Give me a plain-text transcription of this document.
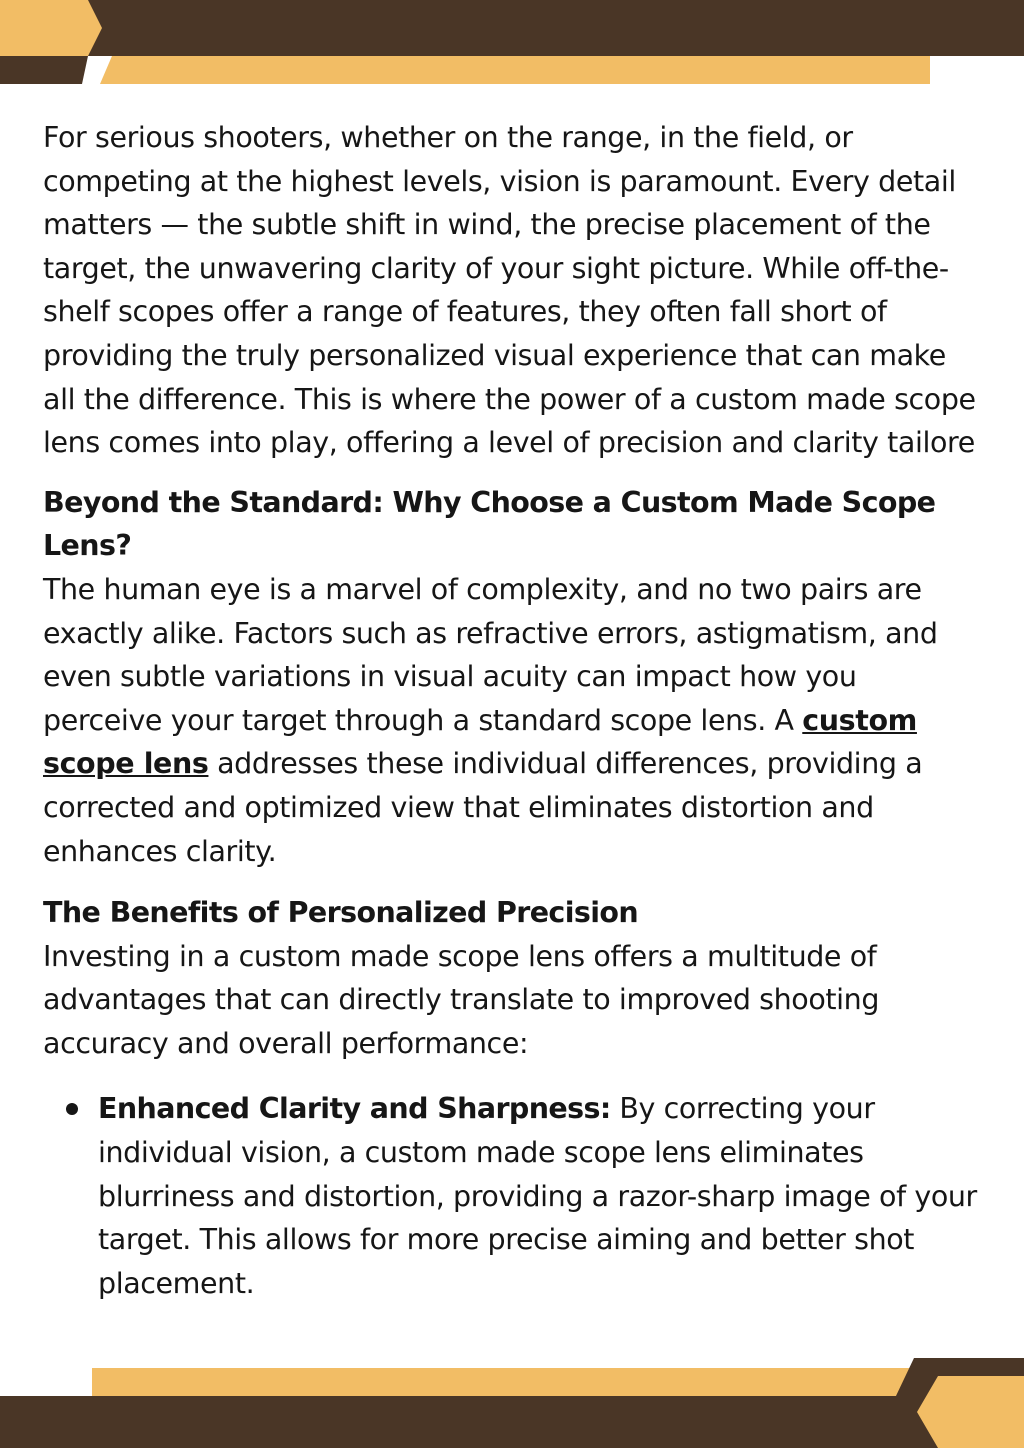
For serious shooters, whether on the range, in the field, or competing at the highest levels, vision is paramount. Every detail matters — the subtle shift in wind, the precise placement of the target, the unwavering clarity of your sight picture. While off-the-shelf scopes offer a range of features, they often fall short of providing the truly personalized visual experience that can make all the difference. This is where the power of a custom made scope lens comes into play, offering a level of precision and clarity tailore

Beyond the Standard: Why Choose a Custom Made Scope Lens?

The human eye is a marvel of complexity, and no two pairs are exactly alike. Factors such as refractive errors, astigmatism, and even subtle variations in visual acuity can impact how you perceive your target through a standard scope lens. A custom scope lens addresses these individual differences, providing a corrected and optimized view that eliminates distortion and enhances clarity.

The Benefits of Personalized Precision

Investing in a custom made scope lens offers a multitude of advantages that can directly translate to improved shooting accuracy and overall performance:

Enhanced Clarity and Sharpness: By correcting your individual vision, a custom made scope lens eliminates blurriness and distortion, providing a razor-sharp image of your target. This allows for more precise aiming and better shot placement.
